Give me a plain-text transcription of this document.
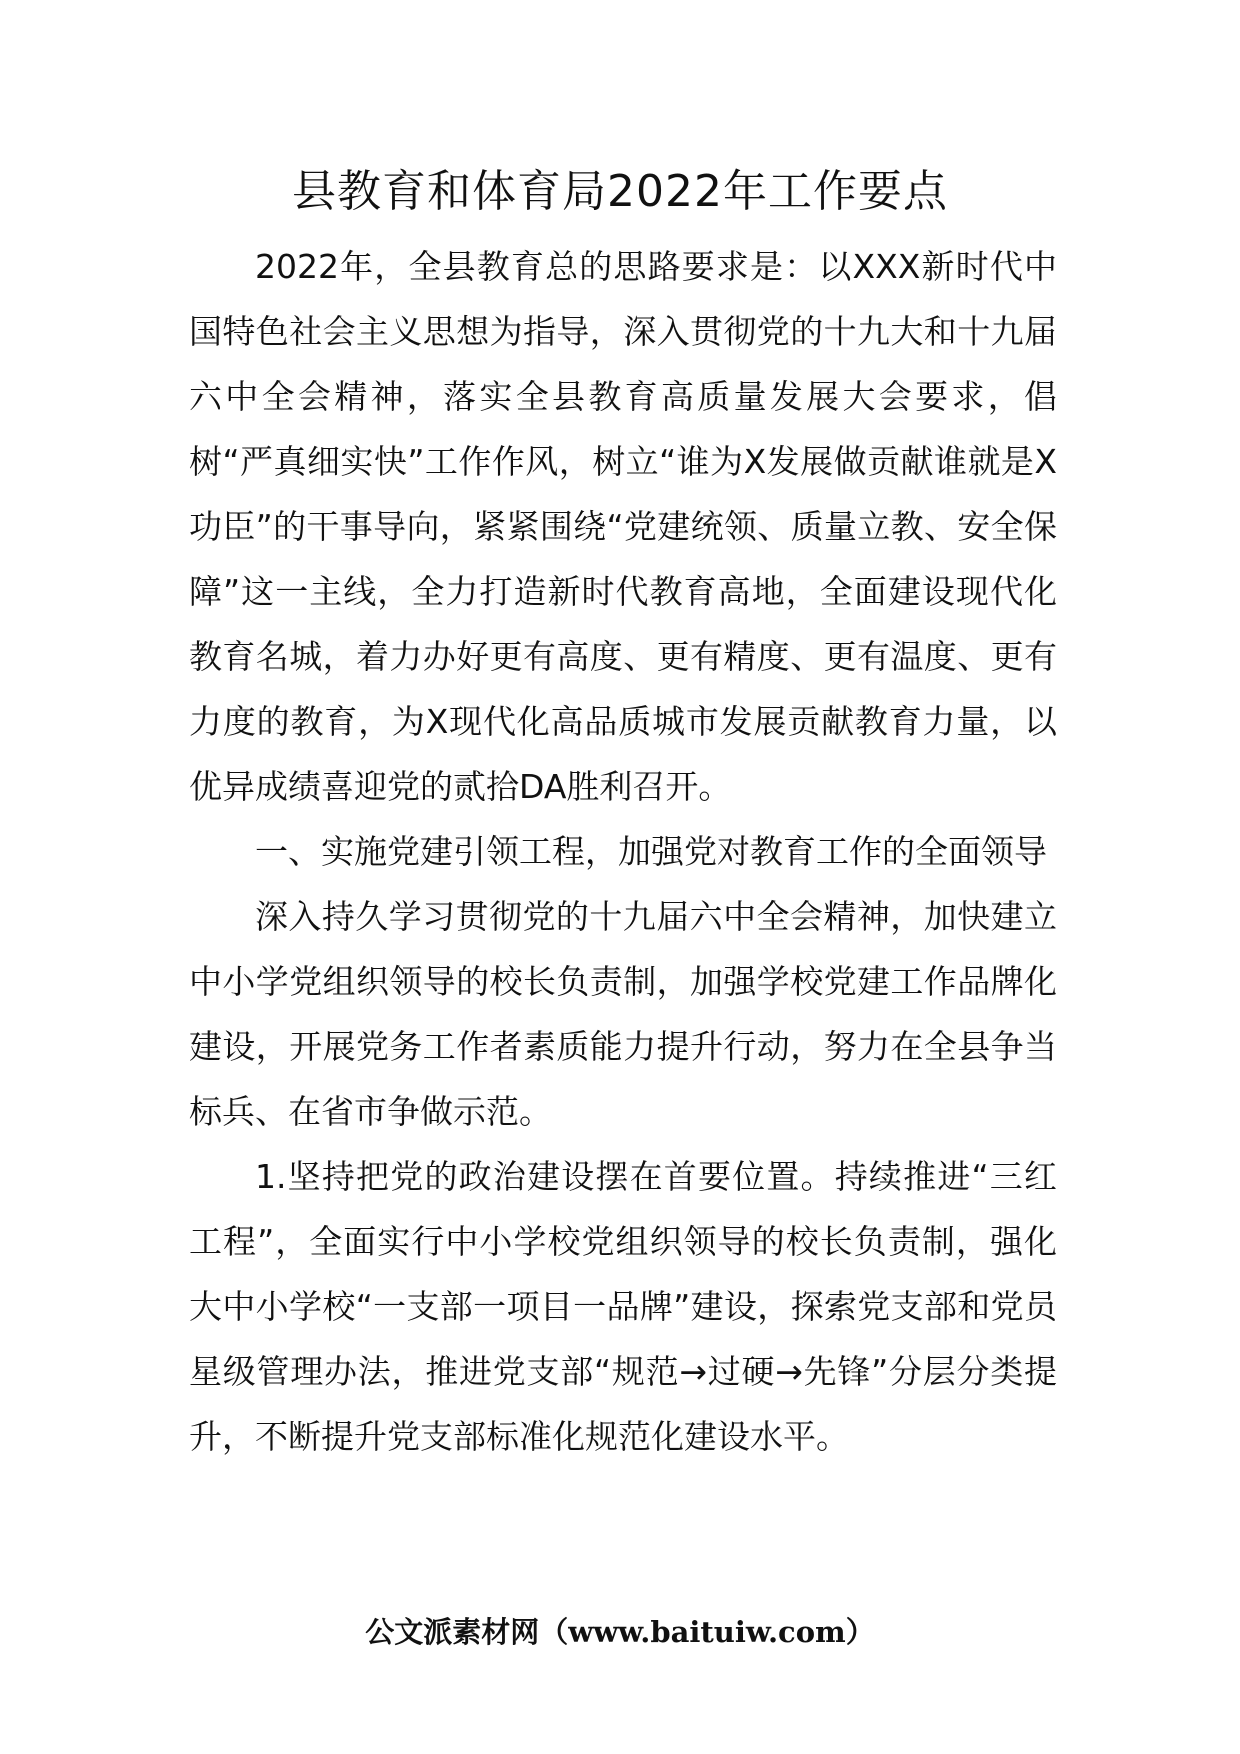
县教育和体育局2022年工作要点

2022年，全县教育总的思路要求是：以XXX新时代中国特色社会主义思想为指导，深入贯彻党的十九大和十九届六中全会精神，落实全县教育高质量发展大会要求，倡树“严真细实快”工作作风，树立“谁为X发展做贡献谁就是X功臣”的干事导向，紧紧围绕“党建统领、质量立教、安全保障”这一主线，全力打造新时代教育高地，全面建设现代化教育名城，着力办好更有高度、更有精度、更有温度、更有力度的教育，为X现代化高品质城市发展贡献教育力量，以优异成绩喜迎党的贰拾DA胜利召开。

一、实施党建引领工程，加强党对教育工作的全面领导

深入持久学习贯彻党的十九届六中全会精神，加快建立中小学党组织领导的校长负责制，加强学校党建工作品牌化建设，开展党务工作者素质能力提升行动，努力在全县争当标兵、在省市争做示范。

1.坚持把党的政治建设摆在首要位置。持续推进“三红工程”，全面实行中小学校党组织领导的校长负责制，强化大中小学校“一支部一项目一品牌”建设，探索党支部和党员星级管理办法，推进党支部“规范→过硬→先锋”分层分类提升，不断提升党支部标准化规范化建设水平。

公文派素材网（www.baituiw.com）
